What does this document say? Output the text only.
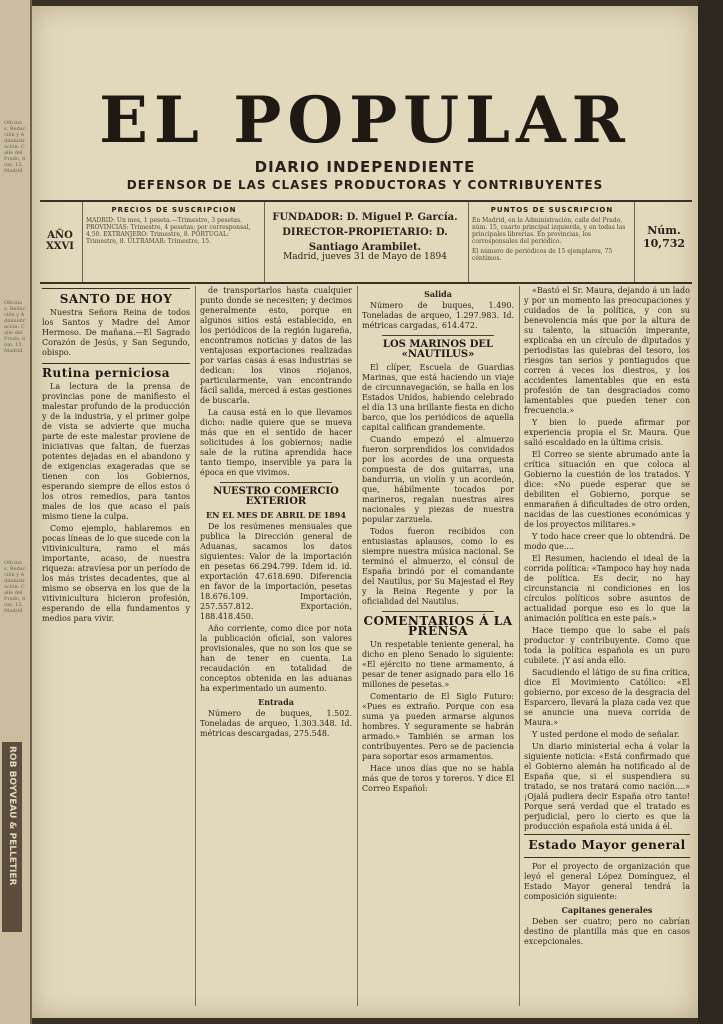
Oficinas, Redacción y Administración: Calle del Prado, núm. 15. Madrid
Oficinas, Redacción y Administración: Calle del Prado, núm. 15. Madrid
Oficinas, Redacción y Administración: Calle del Prado, núm. 15. Madrid
ROB BOYVEAU & PELLETIER
EL POPULAR
DIARIO INDEPENDIENTE
DEFENSOR DE LAS CLASES PRODUCTORAS Y CONTRIBUYENTES
AÑO XXVI
PRECIOS DE SUSCRIPCION
MADRID: Un mes, 1 peseta.—Trimestre, 3 pesetas. PROVINCIAS: Trimestre, 4 pesetas; por corresponsal, 4,50. EXTRANJERO: Trimestre, 8. PORTUGAL: Trimestre, 8. ULTRAMAR: Trimestre, 15.
FUNDADOR: D. Miguel P. García.
DIRECTOR-PROPIETARIO: D. Santiago Arambilet.
Madrid, jueves 31 de Mayo de 1894
PUNTOS DE SUSCRIPCION
En Madrid, en la Administración, calle del Prado, núm. 15, cuarto principal izquierda, y en todas las principales librerías. En provincias, los corresponsales del periódico.
El número de periódicos de 15 ejemplares, 75 céntimos.
Núm. 10,732
SANTO DE HOY

Nuestra Señora Reina de todos los Santos y Madre del Amor Hermoso. De mañana.—El Sagrado Corazón de Jesús, y San Segundo, obispo.

Rutina perniciosa

La lectura de la prensa de provincias pone de manifiesto el malestar profundo de la producción y de la industria, y el primer golpe de vista se advierte que mucha parte de este malestar proviene de iniciativas que faltan, de fuerzas potentes dejadas en el abandono y de exigencias exageradas que se tienen con los Gobiernos, esperando siempre de ellos estos ó los otros remedios, para tantos males de los que acaso el país mismo tiene la culpa.

Como ejemplo, hablaremos en pocas líneas de lo que sucede con la vitivinicultura, ramo el más importante, acaso, de nuestra riqueza: atravíesa por un período de los más tristes decadentes, que al mismo se observa en los que de la vitivinicultura hicieron profesión, esperando de ella fundamentos y medios para vivir.

de transportarlos hasta cualquier punto donde se necesiten; y decimos generalmente esto, porque en algunos sitios está establecido, en los periódicos de la región lugareña, encontramos noticias y datos de las ventajosas exportaciones realizadas por varias casas á esas industrias se dedican: los vinos riojanos, particularmente, van encontrando fácil salida, merced á estas gestiones de buscarla.

La causa está en lo que llevamos dicho: nadie quiere que se mueva más que en el sentido de hacer solicitudes á los gobiernos; nadie sale de la rutina aprendida hace tanto tiempo, inservible ya para la época en que vivimos.

NUESTRO COMERCIO EXTERIOR
EN EL MES DE ABRIL DE 1894

De los resúmenes mensuales que publica la Dirección general de Aduanas, sacamos los datos siguientes: Valor de la importación en pesetas 66.294.799. Idem id. id. exportación 47.618.690. Diferencia en favor de la importación, pesetas 18.676.109. Importación, 257.557.812. Exportación, 188.418.450.

Año corriente, como dice por nota la publicación oficial, son valores provisionales, que no son los que se han de tener en cuenta. La recaudación en totalidad de conceptos obtenida en las aduanas ha experimentado un aumento.

Entrada

Número de buques, 1.502. Toneladas de arqueo, 1.303.348. Id. métricas descargadas, 275.548.

Salida

Número de buques, 1.490. Toneladas de arqueo, 1.297.983. Id. métricas cargadas, 614.472.

LOS MARINOS DEL «NAUTILUS»

El clíper, Escuela de Guardias Marinas, que está haciendo un viaje de circunnavegación, se halla en los Estados Unidos, habiendo celebrado el día 13 una brillante fiesta en dicho barco, que los periódicos de aquella capital califican grandemente.

Cuando empezó el almuerzo fueron sorprendidos los convidados por los acordes de una orquesta compuesta de dos guitarras, una bandurria, un violín y un acordeón, que, hábilmente tocados por marineros, regalan nuestras aires nacionales y piezas de nuestra popular zarzuela.

Todos fueron recibidos con entusiastas aplausos, como lo es siempre nuestra música nacional. Se terminó el almuerzo, el cónsul de España brindó por el comandante del Nautilus, por Su Majestad el Rey y la Reina Regente y por la oficialidad del Nautilus.

COMENTARIOS Á LA PRENSA

Un respetable teniente general, ha dicho en pleno Senado lo siguiente: «El ejército no tiene armamento, á pesar de tener asignado para ello 16 millones de pesetas.»

Comentario de El Siglo Futuro: «Pues es extraño. Porque con esa suma ya pueden armarse algunos hombres. Y seguramente se habrán armado.» También se arman los contribuyentes. Pero se de paciencia para soportar esos armamentos.

Hace unos días que no se habla más que de toros y toreros. Y dice El Correo Español:

«Bastó el Sr. Maura, dejando á un lado y por un momento las preocupaciones y cuidados de la política, y con su benevolencia más que por la altura de su talento, la situación imperante, explicaba en un círculo de diputados y periodistas las quiebras del tesoro, los riesgos tan serios y pontiagudos que corren á veces los diestros, y los accidentes lamentables que en esta profesión de tan desgraciados como lamentables que pueden tener con frecuencia.»

Y bien lo puede afirmar por experiencia propia el Sr. Maura. Que salió escaldado en la última crisis.

El Correo se siente abrumado ante la crítica situación en que coloca al Gobierno la cuestión de los tratados. Y dice: «No puede esperar que se debiliten el Gobierno, porque se enmarañen á dificultades de otro orden, nacidas de las cuestiones económicas y de los proyectos militares.»

Y todo hace creer que lo obtendrá. De modo que....

El Resumen, haciendo el ideal de la corrida política: «Tampoco hay hoy nada de política. Es decir, no hay circunstancia ni condiciones en los círculos políticos sobre asuntos de actualidad porque eso es lo que la animación política en este país.»

Hace tiempo que lo sabe el país productor y contribuyente. Como que toda la política española es un puro cubilete. ¡Y así anda ello.

Sacudiendo el látigo de su fina crítica, dice El Movimiento Católico: «El gobierno, por exceso de la desgracia del Esparcero, llevará la plaza cada vez que se anuncie una nueva corrida de Maura.»

Y usted perdone el modo de señalar.

Un diario ministerial echa á volar la siguiente noticia: «Está confirmado que el Gobierno alemán ha notificado al de España que, si el suspendiera su tratado, se nos tratará como nación....» ¡Ojalá pudiera decir España otro tanto! Porque será verdad que el tratado es perjudicial, pero lo cierto es que la producción española está unida á él.

Estado Mayor general

Por el proyecto de organización que leyó el general López Domínguez, el Estado Mayor general tendrá la composición siguiente:

Capitanes generales

Deben ser cuatro; pero no cabrían destino de plantilla más que en casos excepcionales.
